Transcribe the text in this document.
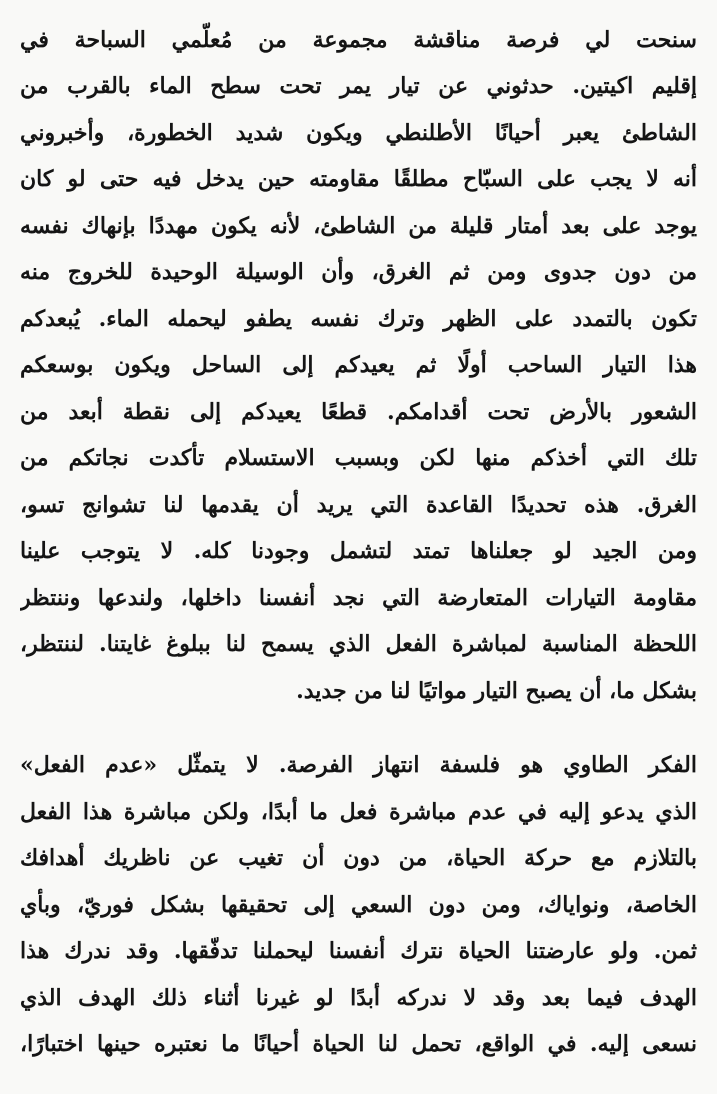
سنحت لي فرصة مناقشة مجموعة من مُعلّمي السباحة في
إقليم اكيتين. حدثوني عن تيار يمر تحت سطح الماء بالقرب من
الشاطئ يعبر أحيانًا الأطلنطي ويكون شديد الخطورة، وأخبروني
أنه لا يجب على السبّاح مطلقًا مقاومته حين يدخل فيه حتى لو كان
يوجد على بعد أمتار قليلة من الشاطئ، لأنه يكون مهددًا بإنهاك نفسه
من دون جدوى ومن ثم الغرق، وأن الوسيلة الوحيدة للخروج منه
تكون بالتمدد على الظهر وترك نفسه يطفو ليحمله الماء. يُبعدكم
هذا التيار الساحب أولًا ثم يعيدكم إلى الساحل ويكون بوسعكم
الشعور بالأرض تحت أقدامكم. قطعًا يعيدكم إلى نقطة أبعد من
تلك التي أخذكم منها لكن وبسبب الاستسلام تأكدت نجاتكم من
الغرق. هذه تحديدًا القاعدة التي يريد أن يقدمها لنا تشوانج تسو،
ومن الجيد لو جعلناها تمتد لتشمل وجودنا كله. لا يتوجب علينا
مقاومة التيارات المتعارضة التي نجد أنفسنا داخلها، ولندعها وننتظر
اللحظة المناسبة لمباشرة الفعل الذي يسمح لنا ببلوغ غايتنا. لننتظر،
بشكل ما، أن يصبح التيار مواتيًا لنا من جديد.
الفكر الطاوي هو فلسفة انتهاز الفرصة. لا يتمثّل «عدم الفعل»
الذي يدعو إليه في عدم مباشرة فعل ما أبدًا، ولكن مباشرة هذا الفعل
بالتلازم مع حركة الحياة، من دون أن تغيب عن ناظريك أهدافك
الخاصة، ونواياك، ومن دون السعي إلى تحقيقها بشكل فوريّ، وبأي
ثمن. ولو عارضتنا الحياة نترك أنفسنا ليحملنا تدفّقها. وقد ندرك هذا
الهدف فيما بعد وقد لا ندركه أبدًا لو غيرنا أثناء ذلك الهدف الذي
نسعى إليه. في الواقع، تحمل لنا الحياة أحيانًا ما نعتبره حينها اختبارًا،
